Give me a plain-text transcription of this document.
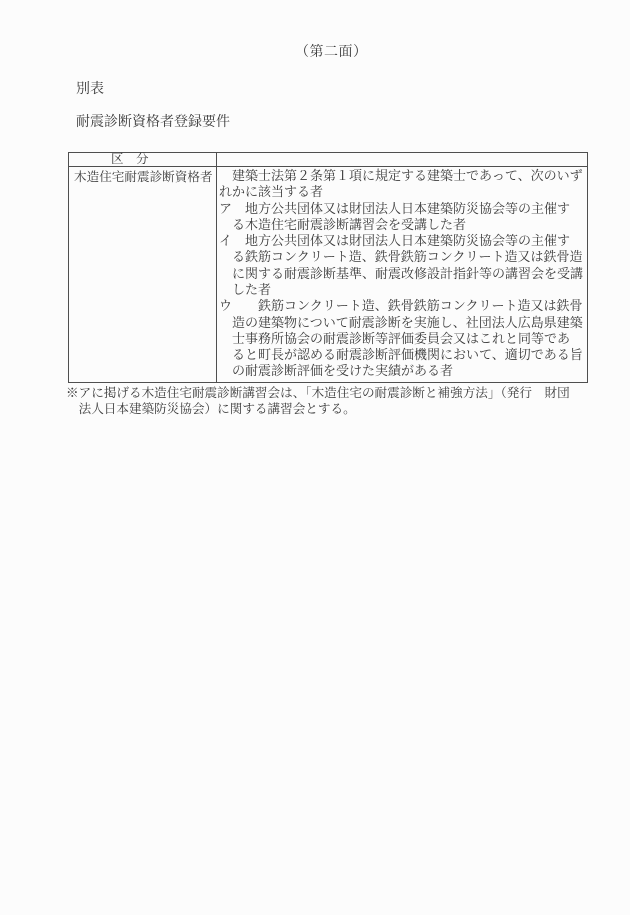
（第二面）
別表
耐震診断資格者登録要件
区　分
木造住宅耐震診断資格者 　建築士法第２条第１項に規定する建築士であって、次のいず
れかに該当する者
ア　地方公共団体又は財団法人日本建築防災協会等の主催す
　る木造住宅耐震診断講習会を受講した者
イ　地方公共団体又は財団法人日本建築防災協会等の主催す
　る鉄筋コンクリート造、鉄骨鉄筋コンクリート造又は鉄骨造
　に関する耐震診断基準、耐震改修設計指針等の講習会を受講
　した者
ウ　　鉄筋コンクリート造、鉄骨鉄筋コンクリート造又は鉄骨
　造の建築物について耐震診断を実施し、社団法人広島県建築
　士事務所協会の耐震診断等評価委員会又はこれと同等であ
　ると町長が認める耐震診断評価機関において、適切である旨
　の耐震診断評価を受けた実績がある者
※アに掲げる木造住宅耐震診断講習会は、「木造住宅の耐震診断と補強方法」（発行　財団
　法人日本建築防災協会）に関する講習会とする。
